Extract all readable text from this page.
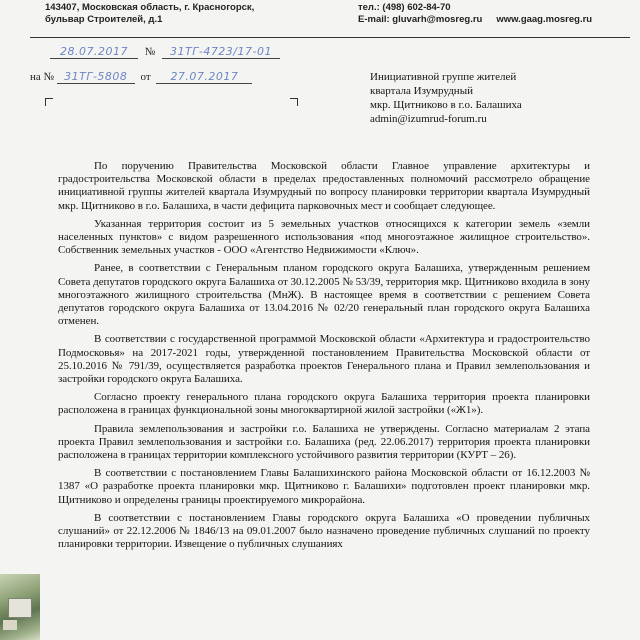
143407, Московская область, г. Красногорск,
бульвар Строителей, д.1
тел.: (498) 602-84-70
E-mail: gluvarh@mosreg.ru www.gaag.mosreg.ru
28.07.2017 № 31ТГ-4723/17-01
на № 31ТГ-5808 от 27.07.2017	Инициативной группе жителей
квартала Изумрудный
мкр. Щитниково в г.о. Балашиха
admin@izumrud-forum.ru

По поручению Правительства Московской области Главное управление архитектуры и градостроительства Московской области в пределах предоставленных полномочий рассмотрело обращение инициативной группы жителей квартала Изумрудный по вопросу планировки территории квартала Изумрудный мкр. Щитниково в г.о. Балашиха, в части дефицита парковочных мест и сообщает следующее.

Указанная территория состоит из 5 земельных участков относящихся к категории земель «земли населенных пунктов» с видом разрешенного использования «под многоэтажное жилищное строительство». Собственник земельных участков - ООО «Агентство Недвижимости «Ключ».

Ранее, в соответствии с Генеральным планом городского округа Балашиха, утвержденным решением Совета депутатов городского округа Балашиха от 30.12.2005 № 53/39, территория мкр. Щитниково входила в зону многоэтажного жилищного строительства (МнЖ). В настоящее время в соответствии с решением Совета депутатов городского округа Балашиха от 13.04.2016 № 02/20 генеральный план городского округа Балашиха отменен.

В соответствии с государственной программой Московской области «Архитектура и градостроительство Подмосковья» на 2017-2021 годы, утвержденной постановлением Правительства Московской области от 25.10.2016 № 791/39, осуществляется разработка проектов Генерального плана и Правил землепользования и застройки городского округа Балашиха.

Согласно проекту генерального плана городского округа Балашиха территория проекта планировки расположена в границах функциональной зоны многоквартирной жилой застройки («Ж1»).

Правила землепользования и застройки г.о. Балашиха не утверждены. Согласно материалам 2 этапа проекта Правил землепользования и застройки г.о. Балашиха (ред. 22.06.2017) территория проекта планировки расположена в границах территории комплексного устойчивого развития территории (КУРТ – 26).

В соответствии с постановлением Главы Балашихинского района Московской области от 16.12.2003 № 1387 «О разработке проекта планировки мкр. Щитниково г. Балашихи» подготовлен проект планировки мкр. Щитниково и определены границы проектируемого микрорайона.

В соответствии с постановлением Главы городского округа Балашиха «О проведении публичных слушаний» от 22.12.2006 № 1846/13 на 09.01.2007 было назначено проведение публичных слушаний по проекту планировки территории. Извещение о публичных слушаниях
